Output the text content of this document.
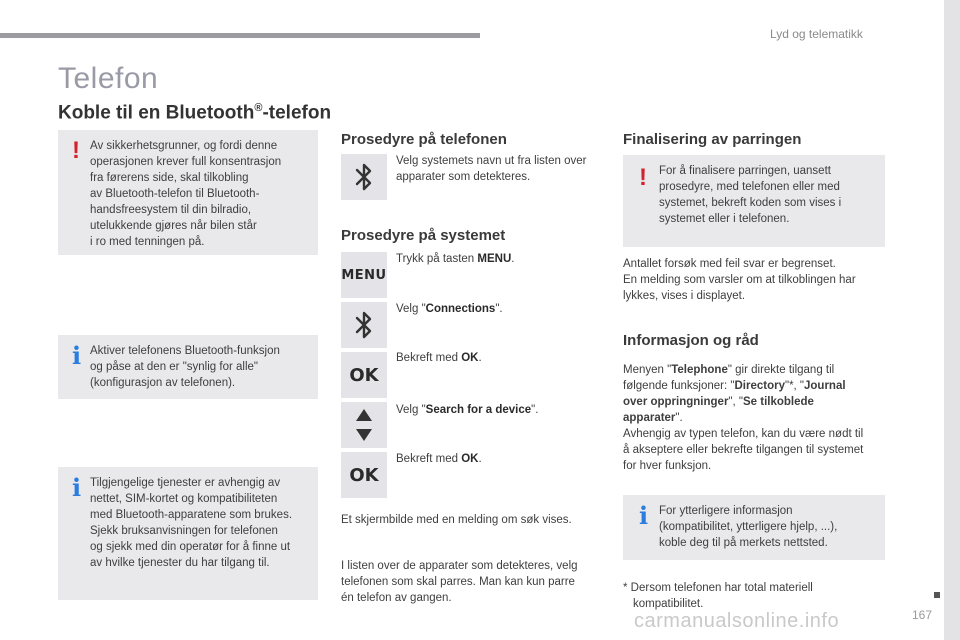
Lyd og telematikk
Telefon
Koble til en Bluetooth®-telefon
! Av sikkerhetsgrunner, og fordi denne
operasjonen krever full konsentrasjon
fra førerens side, skal tilkobling
av Bluetooth-telefon til Bluetooth-
handsfreesystem til din bilradio,
utelukkende gjøres når bilen står
i ro med tenningen på.
i Aktiver telefonens Bluetooth-funksjon
og påse at den er "synlig for alle"
(konfigurasjon av telefonen).
i Tilgjengelige tjenester er avhengig av
nettet, SIM-kortet og kompatibiliteten
med Bluetooth-apparatene som brukes.
Sjekk bruksanvisningen for telefonen
og sjekk med din operatør for å finne ut
av hvilke tjenester du har tilgang til.
Prosedyre på telefonen
Velg systemets navn ut fra listen over
apparater som detekteres.
Prosedyre på systemet
MENU
Trykk på tasten MENU.
Velg "Connections".
OK
Bekreft med OK.
Velg "Search for a device".
OK
Bekreft med OK.
Et skjermbilde med en melding om søk vises.
I listen over de apparater som detekteres, velg
telefonen som skal parres. Man kan kun parre
én telefon av gangen.
Finalisering av parringen
! For å finalisere parringen, uansett
prosedyre, med telefonen eller med
systemet, bekreft koden som vises i
systemet eller i telefonen.
Antallet forsøk med feil svar er begrenset.
En melding som varsler om at tilkoblingen har
lykkes, vises i displayet.
Informasjon og råd
Menyen "Telephone" gir direkte tilgang til
følgende funksjoner: "Directory"*, "Journal
over oppringninger", "Se tilkoblede
apparater".
Avhengig av typen telefon, kan du være nødt til
å akseptere eller bekrefte tilgangen til systemet
for hver funksjon.
i For ytterligere informasjon
(kompatibilitet, ytterligere hjelp, ...),
koble deg til på merkets nettsted.
* Dersom telefonen har total materiell
kompatibilitet.
carmanualsonline.info	167
